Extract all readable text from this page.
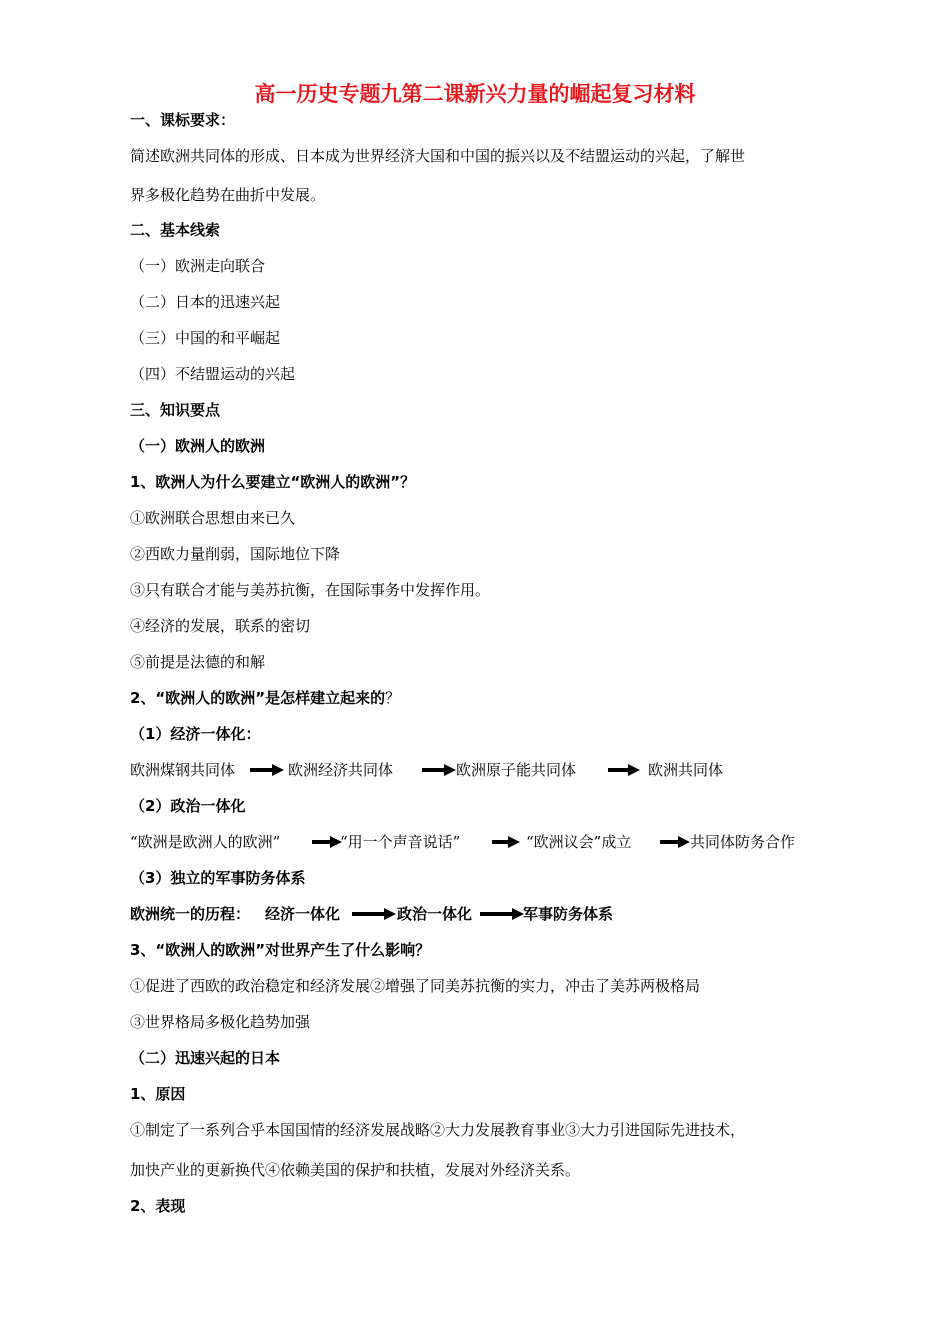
高一历史专题九第二课新兴力量的崛起复习材料
一、课标要求：
简述欧洲共同体的形成、日本成为世界经济大国和中国的振兴以及不结盟运动的兴起，了解世
界多极化趋势在曲折中发展。
二、基本线索
（一）欧洲走向联合
（二）日本的迅速兴起
（三）中国的和平崛起
（四）不结盟运动的兴起
三、知识要点
（一）欧洲人的欧洲
1、欧洲人为什么要建立“欧洲人的欧洲”？
①欧洲联合思想由来已久
②西欧力量削弱，国际地位下降
③只有联合才能与美苏抗衡，在国际事务中发挥作用。
④经济的发展，联系的密切
⑤前提是法德的和解
2、“欧洲人的欧洲”是怎样建立起来的？
（1）经济一体化：
欧洲煤钢共同体	欧洲经济共同体	欧洲原子能共同体	欧洲共同体
（2）政治一体化
“欧洲是欧洲人的欧洲”	“用一个声音说话”	“欧洲议会”成立	共同体防务合作
（3）独立的军事防务体系
欧洲统一的历程： 经济一体化	政治一体化	军事防务体系
3、“欧洲人的欧洲”对世界产生了什么影响？
①促进了西欧的政治稳定和经济发展②增强了同美苏抗衡的实力，冲击了美苏两极格局
③世界格局多极化趋势加强
（二）迅速兴起的日本
1、原因
①制定了一系列合乎本国国情的经济发展战略②大力发展教育事业③大力引进国际先进技术，
加快产业的更新换代④依赖美国的保护和扶植，发展对外经济关系。
2、表现
